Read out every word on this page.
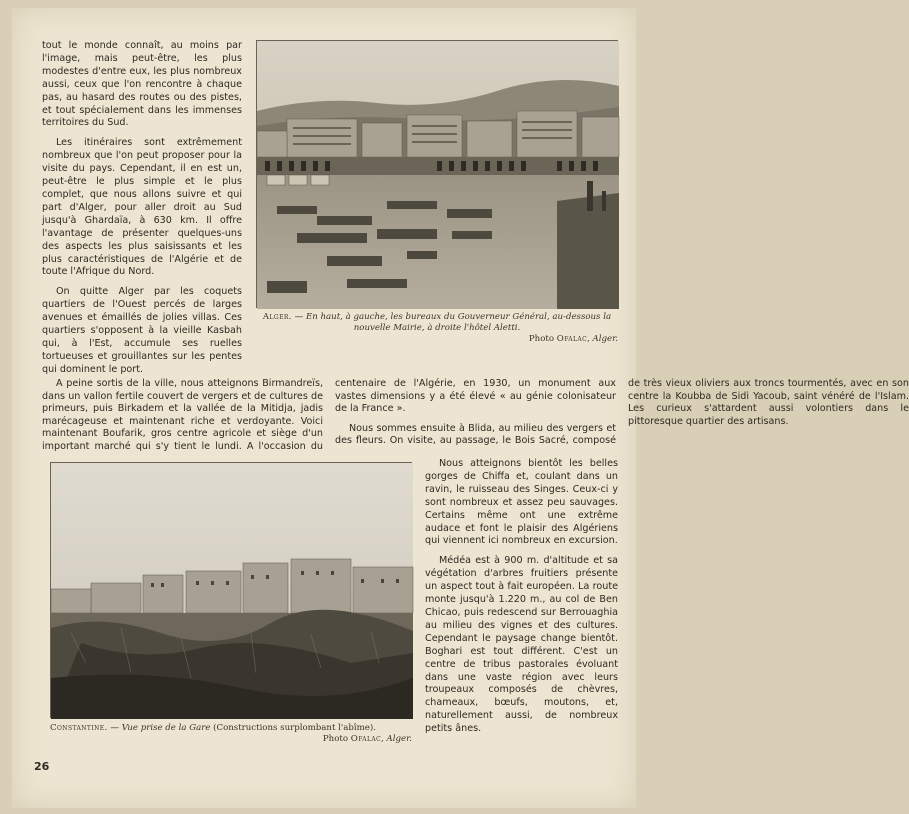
tout le monde connaît, au moins par l'image, mais peut-être, les plus modestes d'entre eux, les plus nombreux aussi, ceux que l'on rencontre à chaque pas, au hasard des routes ou des pistes, et tout spécialement dans les immenses territoires du Sud.

Les itinéraires sont extrêmement nombreux que l'on peut proposer pour la visite du pays. Cependant, il en est un, peut-être le plus simple et le plus complet, que nous allons suivre et qui part d'Alger, pour aller droit au Sud jusqu'à Ghardaïa, à 630 km. Il offre l'avantage de présenter quelques-uns des aspects les plus saisissants et les plus caractéristiques de l'Algérie et de toute l'Afrique du Nord.

On quitte Alger par les coquets quartiers de l'Ouest percés de larges avenues et émaillés de jolies villas. Ces quartiers s'opposent à la vieille Kasbah qui, à l'Est, accumule ses ruelles tortueuses et grouillantes sur les pentes qui dominent le port.

Alger. — En haut, à gauche, les bureaux du Gouverneur Général, au-dessous la nouvelle Mairie, à droite l'hôtel Aletti.
Photo Ofalac, Alger.

Nous atteignons bientôt les belles gorges de Chiffa et, coulant dans un ravin, le ruisseau des Singes. Ceux-ci y sont nombreux et assez peu sauvages. Certains même ont une extrême audace et font le plaisir des Algériens qui viennent ici nombreux en excursion.

Médéa est à 900 m. d'altitude et sa végétation d'arbres fruitiers présente un aspect tout à fait européen. La route monte jusqu'à 1.220 m., au col de Ben Chicao, puis redescend sur Berrouaghia au milieu des vignes et des cultures. Cependant le paysage change bientôt. Boghari est tout différent. C'est un centre de tribus pastorales évoluant dans une vaste région avec leurs troupeaux composés de chèvres, chameaux, bœufs, moutons, et, naturellement aussi, de nombreux petits ânes.

Constantine. — Vue prise de la Gare (Constructions surplombant l'abîme).
Photo Ofalac, Alger.
26

A peine sortis de la ville, nous atteignons Birmandreïs, dans un vallon fertile couvert de vergers et de cultures de primeurs, puis Birkadem et la vallée de la Mitidja, jadis marécageuse et maintenant riche et verdoyante. Voici maintenant Boufarik, gros centre agricole et siège d'un important marché qui s'y tient le lundi. A l'occasion du centenaire de l'Algérie, en 1930, un monument aux vastes dimensions y a été élevé « au génie colonisateur de la France ».

Nous sommes ensuite à Blida, au milieu des vergers et des fleurs. On visite, au passage, le Bois Sacré, composé de très vieux oliviers aux troncs tourmentés, avec en son centre la Koubba de Sidi Yacoub, saint vénéré de l'Islam. Les curieux s'attardent aussi volontiers dans le pittoresque quartier des artisans.
